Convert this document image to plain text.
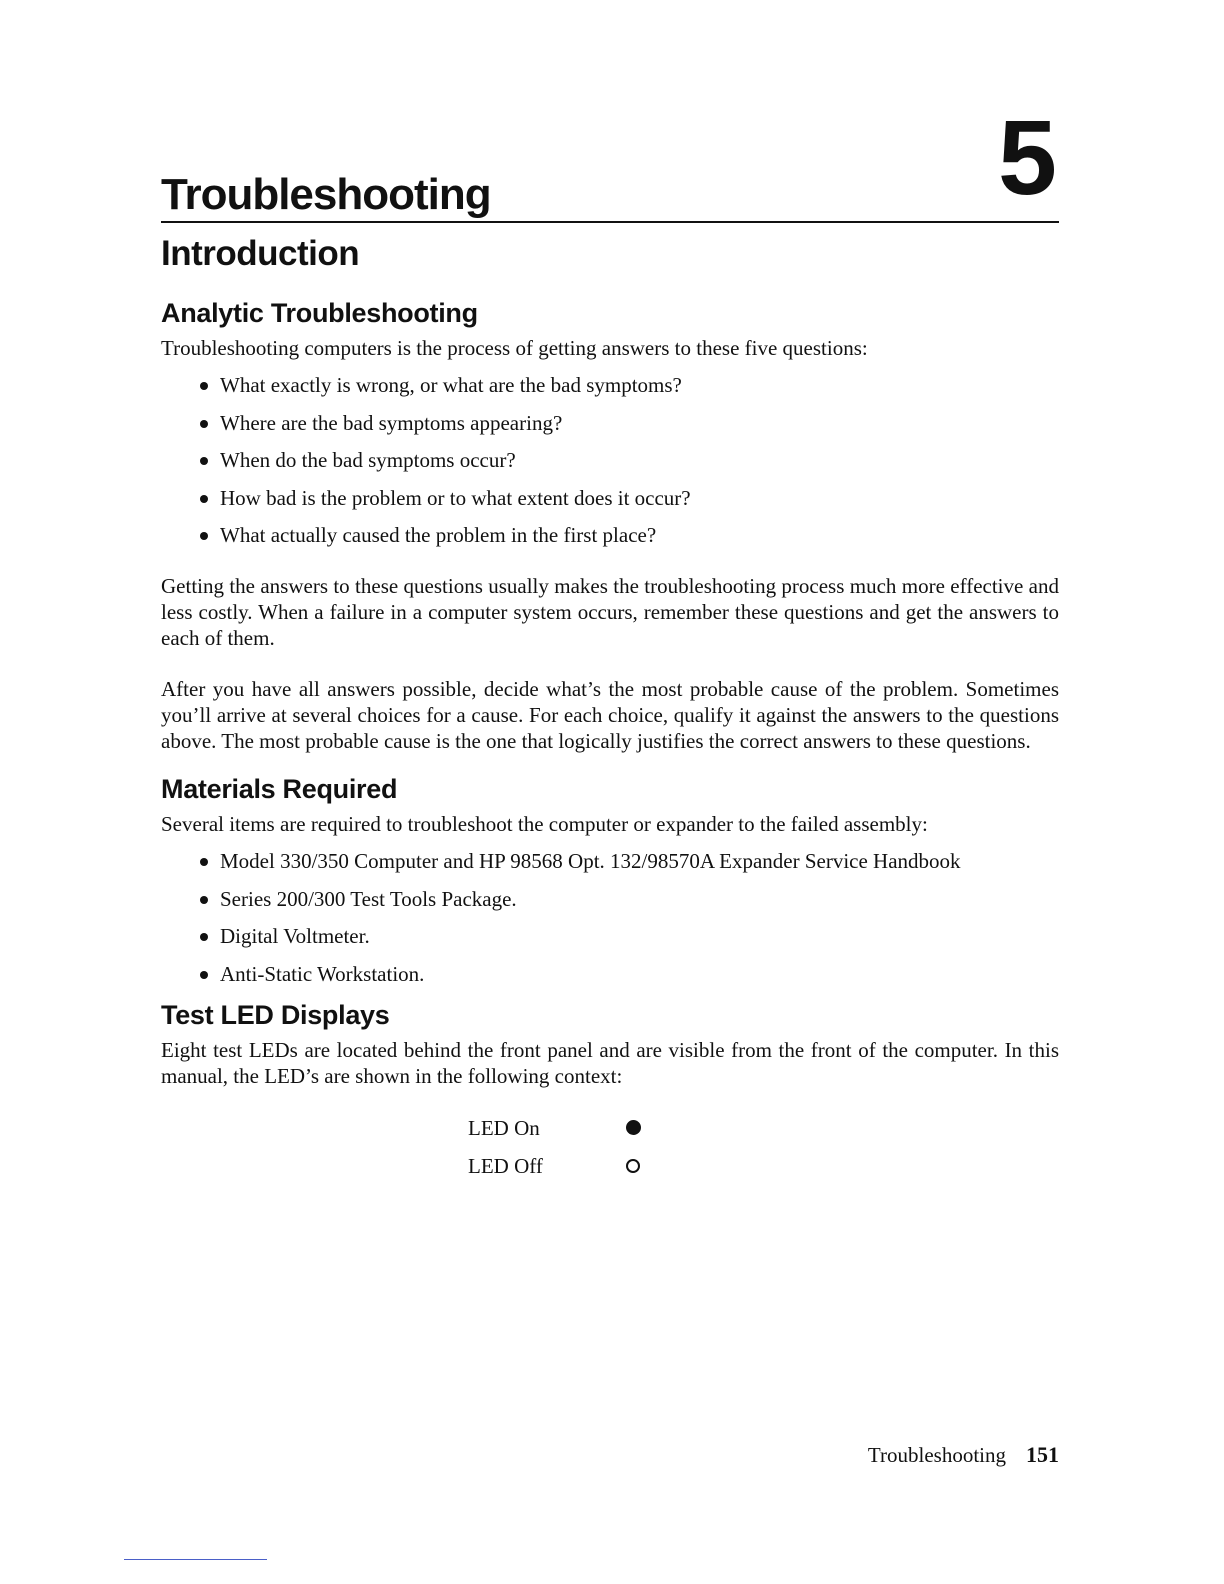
Troubleshooting	5
Introduction
Analytic Troubleshooting

Troubleshooting computers is the process of getting answers to these five questions:

What exactly is wrong, or what are the bad symptoms?
Where are the bad symptoms appearing?
When do the bad symptoms occur?
How bad is the problem or to what extent does it occur?
What actually caused the problem in the first place?

Getting the answers to these questions usually makes the troubleshooting process much more effective and less costly. When a failure in a computer system occurs, remember these questions and get the answers to each of them.

After you have all answers possible, decide what’s the most probable cause of the problem. Sometimes you’ll arrive at several choices for a cause. For each choice, qualify it against the answers to the questions above. The most probable cause is the one that logically justifies the correct answers to these questions.

Materials Required

Several items are required to troubleshoot the computer or expander to the failed assembly:

Model 330/350 Computer and HP 98568 Opt. 132/98570A Expander Service Handbook
Series 200/300 Test Tools Package.
Digital Voltmeter.
Anti-Static Workstation.
Test LED Displays

Eight test LEDs are located behind the front panel and are visible from the front of the computer. In this manual, the LED’s are shown in the following context:

LED On	
LED Off	
Troubleshooting 151
